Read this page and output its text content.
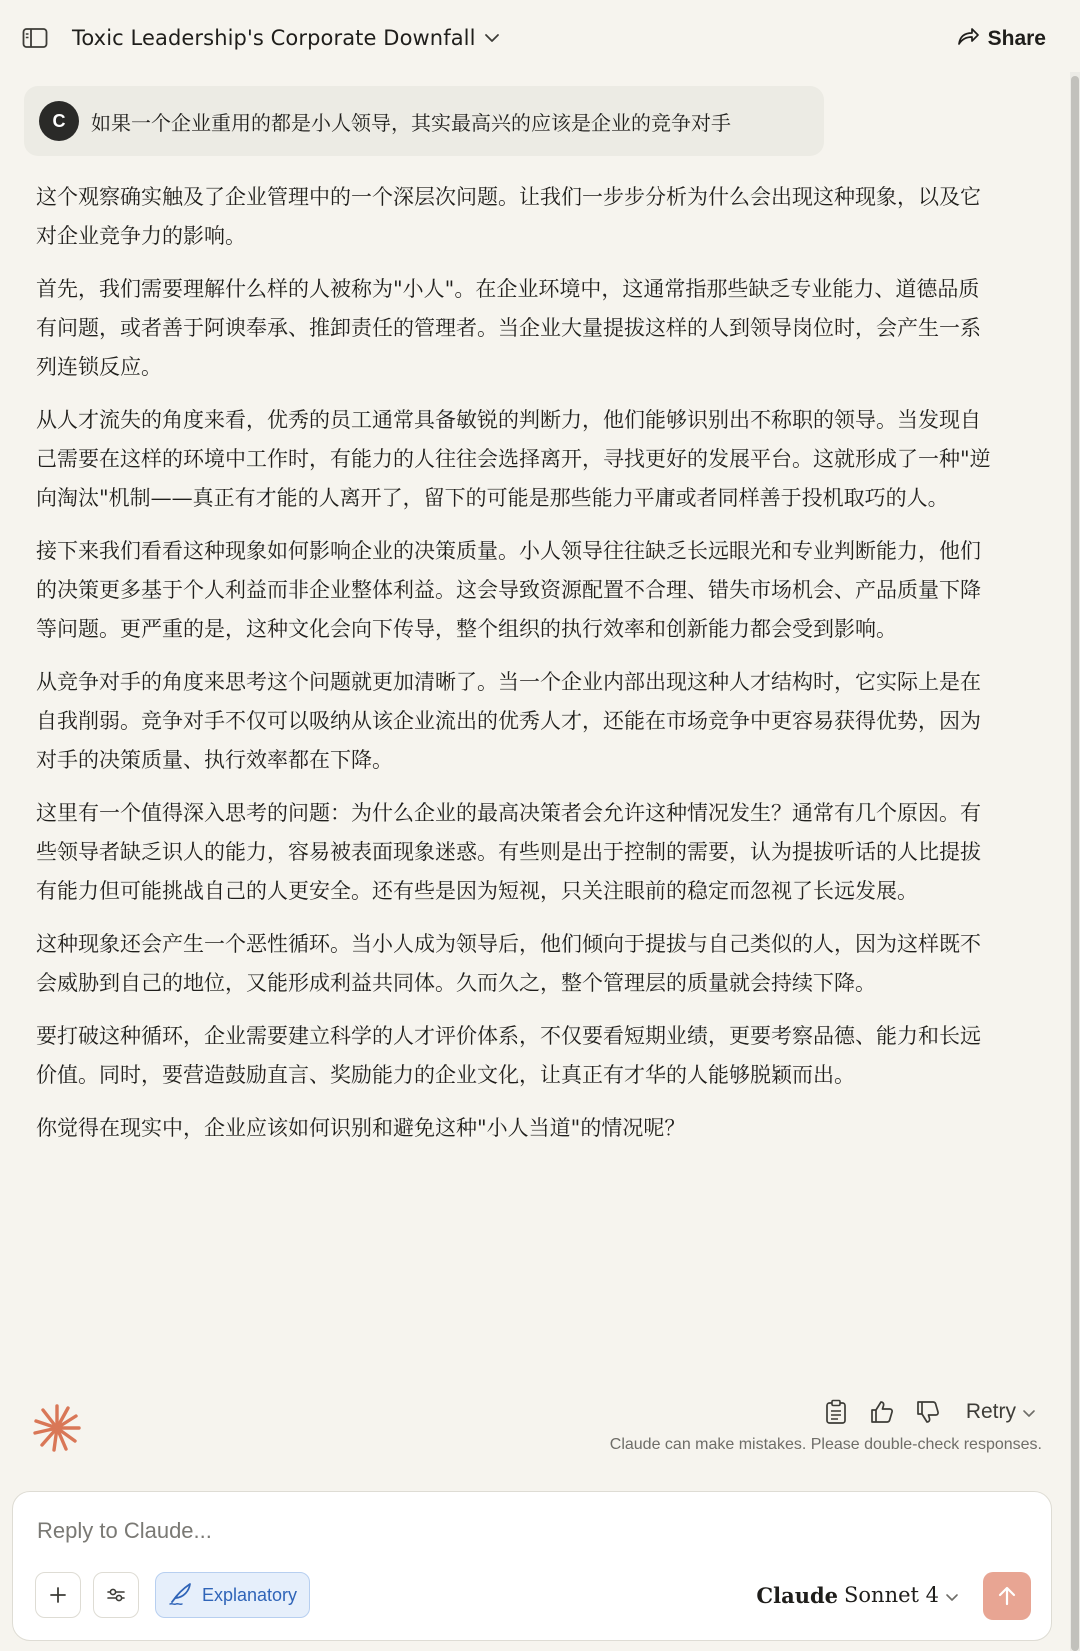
Toxic Leadership's Corporate Downfall	Share
C	如果一个企业重用的都是小人领导，其实最高兴的应该是企业的竞争对手

这个观察确实触及了企业管理中的一个深层次问题。让我们一步步分析为什么会出现这种现象，以及它对企业竞争力的影响。

首先，我们需要理解什么样的人被称为"小人"。在企业环境中，这通常指那些缺乏专业能力、道德品质有问题，或者善于阿谀奉承、推卸责任的管理者。当企业大量提拔这样的人到领导岗位时，会产生一系列连锁反应。

从人才流失的角度来看，优秀的员工通常具备敏锐的判断力，他们能够识别出不称职的领导。当发现自己需要在这样的环境中工作时，有能力的人往往会选择离开，寻找更好的发展平台。这就形成了一种"逆向淘汰"机制——真正有才能的人离开了，留下的可能是那些能力平庸或者同样善于投机取巧的人。

接下来我们看看这种现象如何影响企业的决策质量。小人领导往往缺乏长远眼光和专业判断能力，他们的决策更多基于个人利益而非企业整体利益。这会导致资源配置不合理、错失市场机会、产品质量下降等问题。更严重的是，这种文化会向下传导，整个组织的执行效率和创新能力都会受到影响。

从竞争对手的角度来思考这个问题就更加清晰了。当一个企业内部出现这种人才结构时，它实际上是在自我削弱。竞争对手不仅可以吸纳从该企业流出的优秀人才，还能在市场竞争中更容易获得优势，因为对手的决策质量、执行效率都在下降。

这里有一个值得深入思考的问题：为什么企业的最高决策者会允许这种情况发生？通常有几个原因。有些领导者缺乏识人的能力，容易被表面现象迷惑。有些则是出于控制的需要，认为提拔听话的人比提拔有能力但可能挑战自己的人更安全。还有些是因为短视，只关注眼前的稳定而忽视了长远发展。

这种现象还会产生一个恶性循环。当小人成为领导后，他们倾向于提拔与自己类似的人，因为这样既不会威胁到自己的地位，又能形成利益共同体。久而久之，整个管理层的质量就会持续下降。

要打破这种循环，企业需要建立科学的人才评价体系，不仅要看短期业绩，更要考察品德、能力和长远价值。同时，要营造鼓励直言、奖励能力的企业文化，让真正有才华的人能够脱颖而出。

你觉得在现实中，企业应该如何识别和避免这种"小人当道"的情况呢？

Retry
Claude can make mistakes. Please double-check responses.
Reply to Claude...
Explanatory	Claude Sonnet 4
